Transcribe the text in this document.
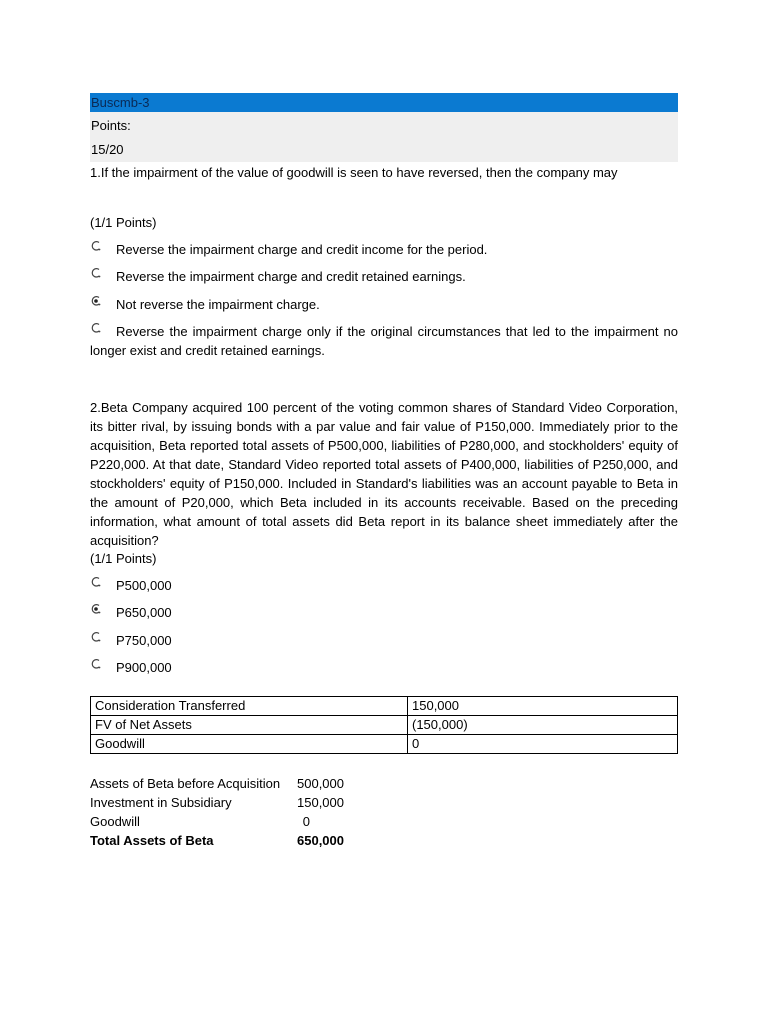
Buscmb-3
Points:
15/20

1.If the impairment of the value of goodwill is seen to have reversed, then the company may

(1/1 Points)
Reverse the impairment charge and credit income for the period.
Reverse the impairment charge and credit retained earnings.
Not reverse the impairment charge.
Reverse the impairment charge only if the original circumstances that led to the impairment no longer exist and credit retained earnings.

2.Beta Company acquired 100 percent of the voting common shares of Standard Video Corporation, its bitter rival, by issuing bonds with a par value and fair value of P150,000. Immediately prior to the acquisition, Beta reported total assets of P500,000, liabilities of P280,000, and stockholders' equity of P220,000. At that date, Standard Video reported total assets of P400,000, liabilities of P250,000, and stockholders' equity of P150,000. Included in Standard's liabilities was an account payable to Beta in the amount of P20,000, which Beta included in its accounts receivable. Based on the preceding information, what amount of total assets did Beta report in its balance sheet immediately after the acquisition?

(1/1 Points)
P500,000
P650,000
P750,000
P900,000
Consideration Transferred	150,000
FV of Net Assets	(150,000)
Goodwill	0
Assets of Beta before Acquisition 500,000
Investment in Subsidiary	150,000
Goodwill	0
Total Assets of Beta	650,000
